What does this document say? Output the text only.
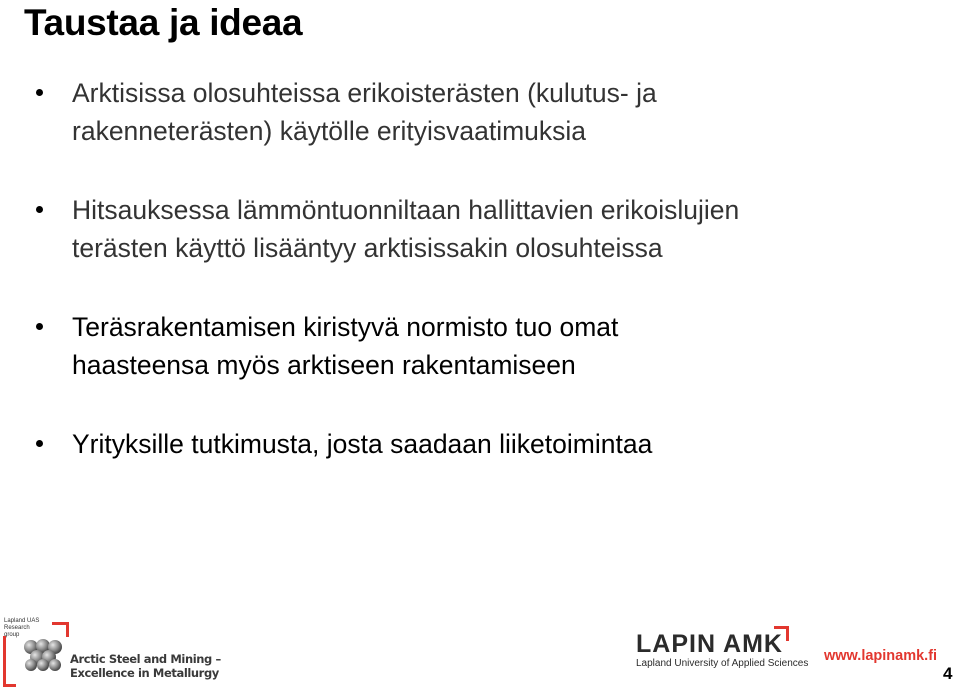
Taustaa ja ideaa
Arktisissa olosuhteissa erikoisterästen (kulutus- ja
rakenneterästen) käytölle erityisvaatimuksia
Hitsauksessa lämmöntuonniltaan hallittavien erikoislujien
terästen käyttö lisääntyy arktisissakin olosuhteissa
Teräsrakentamisen kiristyvä normisto tuo omat
haasteensa myös arktiseen rakentamiseen
Yrityksille tutkimusta, josta saadaan liiketoimintaa
Lapland UAS
Research group
Arctic Steel and Mining –
Excellence in Metallurgy
LAPIN AMK
Lapland University of Applied Sciences www.lapinamk.fi
4
